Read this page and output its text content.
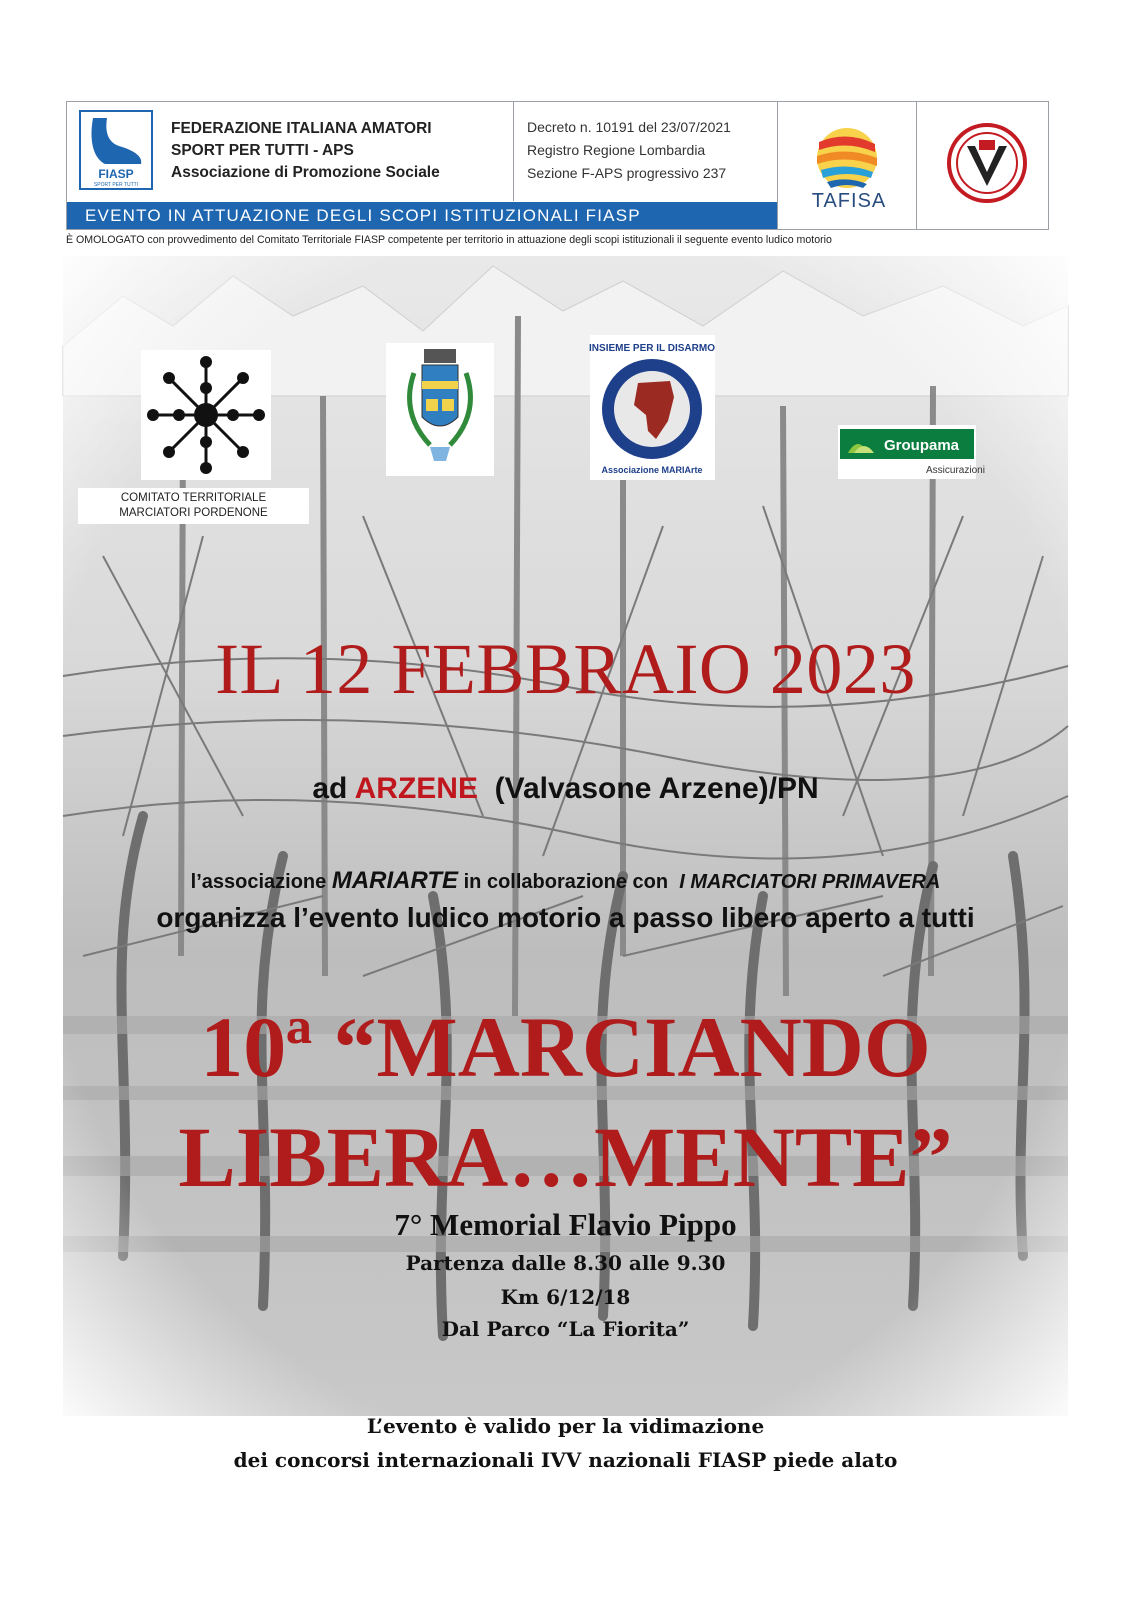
FIASP
SPORT PER TUTTI
FEDERAZIONE ITALIANA AMATORI
SPORT PER TUTTI - APS
Associazione di Promozione Sociale
Decreto n. 10191 del 23/07/2021
Registro Regione Lombardia
Sezione F-APS progressivo 237
TAFISA
EVENTO IN ATTUAZIONE DEGLI SCOPI ISTITUZIONALI FIASP
È OMOLOGATO con provvedimento del Comitato Territoriale FIASP competente per territorio in attuazione degli scopi istituzionali il seguente evento ludico motorio
COMITATO TERRITORIALE
MARCIATORI PORDENONE
INSIEME PER IL DISARMO
Associazione MARIArte
Groupama
Assicurazioni
IL 12 FEBBRAIO 2023
ad ARZENE (Valvasone Arzene)/PN
l’associazione MARIARTE in collaborazione con I MARCIATORI PRIMAVERA
organizza l’evento ludico motorio a passo libero aperto a tutti
10ª “MARCIANDO
LIBERA…MENTE”
7° Memorial Flavio Pippo
Partenza dalle 8.30 alle 9.30
Km 6/12/18
Dal Parco “La Fiorita”
L’evento è valido per la vidimazione
dei concorsi internazionali IVV nazionali FIASP piede alato
